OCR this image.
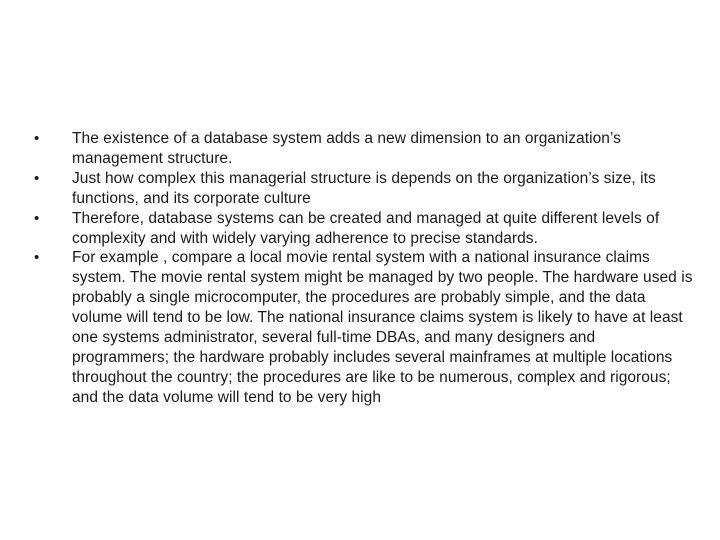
• The existence of a database system adds a new dimension to an organization’s management structure.
• Just how complex this managerial structure is depends on the organization’s size, its functions, and its corporate culture
• Therefore, database systems can be created and managed at quite different levels of complexity and with widely varying adherence to precise standards.
• For example , compare a local movie rental system with a national insurance claims system. The movie rental system might be managed by two people. The hardware used is probably a single microcomputer, the procedures are probably simple, and the data volume will tend to be low. The national insurance claims system is likely to have at least one systems administrator, several full-time DBAs, and many designers and programmers; the hardware probably includes several mainframes at multiple locations throughout the country; the procedures are like to be numerous, complex and rigorous; and the data volume will tend to be very high
